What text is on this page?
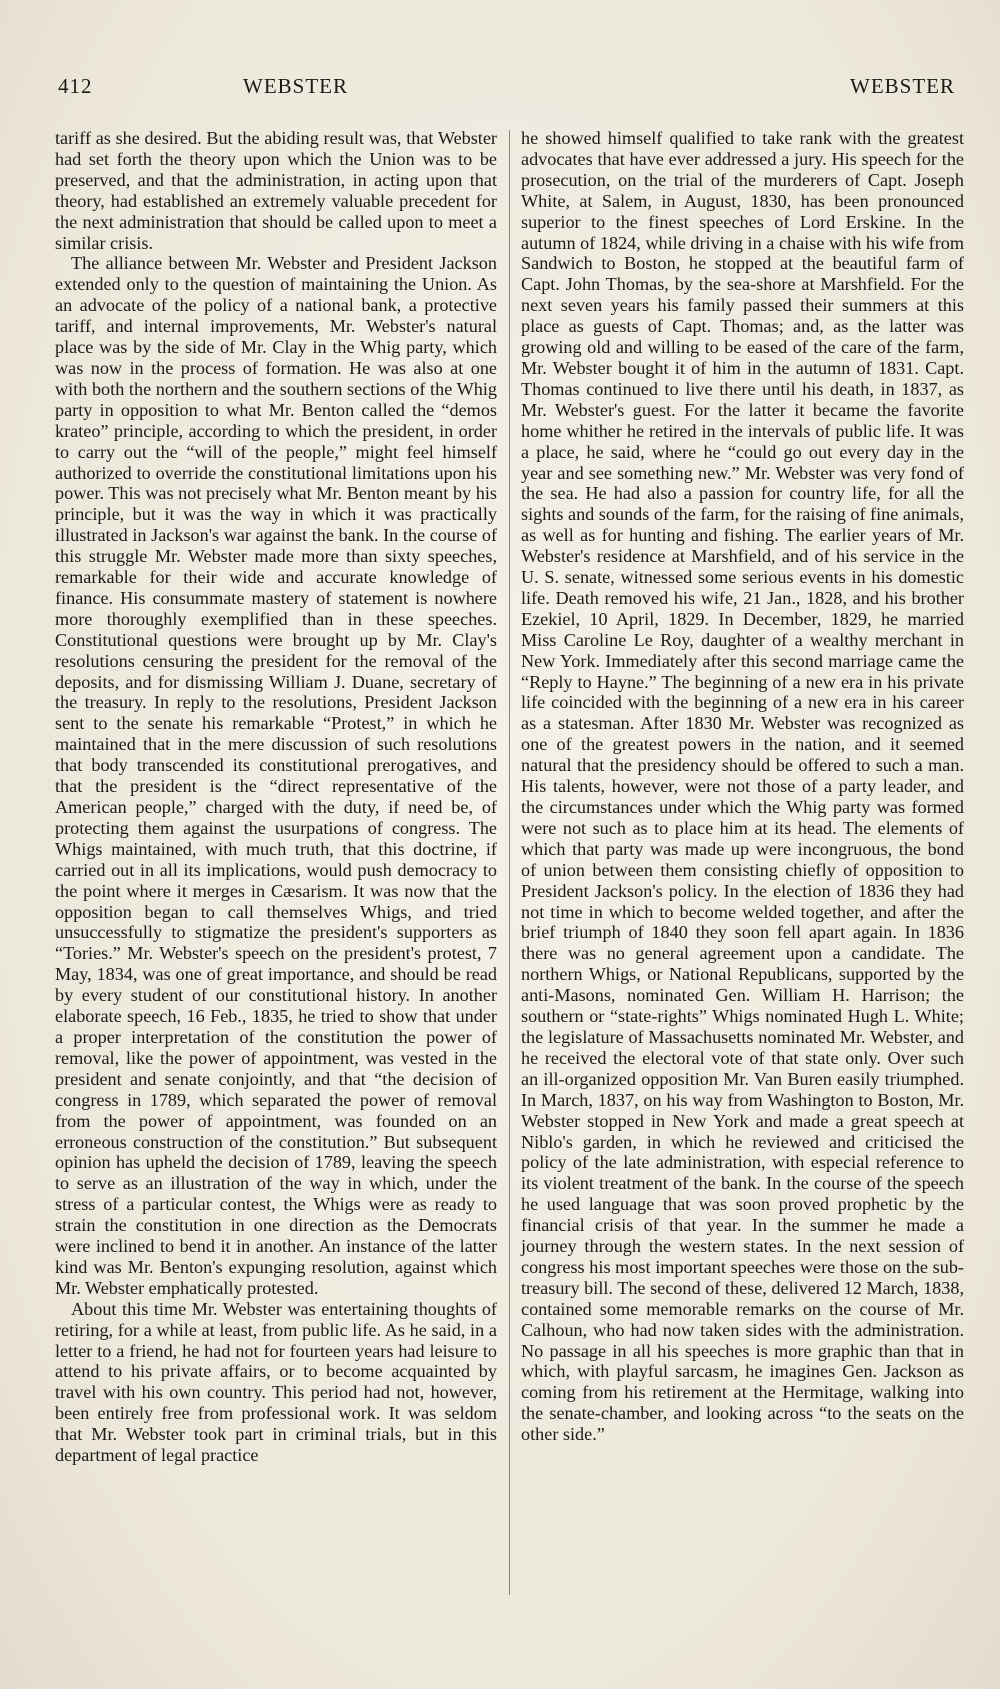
412	WEBSTER	WEBSTER

tariff as she desired. But the abiding result was, that Webster had set forth the theory upon which the Union was to be preserved, and that the administration, in acting upon that theory, had established an extremely valuable precedent for the next administration that should be called upon to meet a similar crisis.

The alliance between Mr. Webster and President Jackson extended only to the question of maintaining the Union. As an advocate of the policy of a national bank, a protective tariff, and internal improvements, Mr. Webster's natural place was by the side of Mr. Clay in the Whig party, which was now in the process of formation. He was also at one with both the northern and the southern sections of the Whig party in opposition to what Mr. Benton called the “demos krateo” principle, according to which the president, in order to carry out the “will of the people,” might feel himself authorized to override the constitutional limitations upon his power. This was not precisely what Mr. Benton meant by his principle, but it was the way in which it was practically illustrated in Jackson's war against the bank. In the course of this struggle Mr. Webster made more than sixty speeches, remarkable for their wide and accurate knowledge of finance. His consummate mastery of statement is nowhere more thoroughly exemplified than in these speeches. Constitutional questions were brought up by Mr. Clay's resolutions censuring the president for the removal of the deposits, and for dismissing William J. Duane, secretary of the treasury. In reply to the resolutions, President Jackson sent to the senate his remarkable “Protest,” in which he maintained that in the mere discussion of such resolutions that body transcended its constitutional prerogatives, and that the president is the “direct representative of the American people,” charged with the duty, if need be, of protecting them against the usurpations of congress. The Whigs maintained, with much truth, that this doctrine, if carried out in all its implications, would push democracy to the point where it merges in Cæsarism. It was now that the opposition began to call themselves Whigs, and tried unsuccessfully to stigmatize the president's supporters as “Tories.” Mr. Webster's speech on the president's protest, 7 May, 1834, was one of great importance, and should be read by every student of our constitutional history. In another elaborate speech, 16 Feb., 1835, he tried to show that under a proper interpretation of the constitution the power of removal, like the power of appointment, was vested in the president and senate conjointly, and that “the decision of congress in 1789, which separated the power of removal from the power of appointment, was founded on an erroneous construction of the constitution.” But subsequent opinion has upheld the decision of 1789, leaving the speech to serve as an illustration of the way in which, under the stress of a particular contest, the Whigs were as ready to strain the constitution in one direction as the Democrats were inclined to bend it in another. An instance of the latter kind was Mr. Benton's expunging resolution, against which Mr. Webster emphatically protested.

About this time Mr. Webster was entertaining thoughts of retiring, for a while at least, from public life. As he said, in a letter to a friend, he had not for fourteen years had leisure to attend to his private affairs, or to become acquainted by travel with his own country. This period had not, however, been entirely free from professional work. It was seldom that Mr. Webster took part in criminal trials, but in this department of legal practice

he showed himself qualified to take rank with the greatest advocates that have ever addressed a jury. His speech for the prosecution, on the trial of the murderers of Capt. Joseph White, at Salem, in August, 1830, has been pronounced superior to the finest speeches of Lord Erskine. In the autumn of 1824, while driving in a chaise with his wife from Sandwich to Boston, he stopped at the beautiful farm of Capt. John Thomas, by the sea-shore at Marshfield. For the next seven years his family passed their summers at this place as guests of Capt. Thomas; and, as the latter was growing old and willing to be eased of the care of the farm, Mr. Webster bought it of him in the autumn of 1831. Capt. Thomas continued to live there until his death, in 1837, as Mr. Webster's guest. For the latter it became the favorite home whither he retired in the intervals of public life. It was a place, he said, where he “could go out every day in the year and see something new.” Mr. Webster was very fond of the sea. He had also a passion for country life, for all the sights and sounds of the farm, for the raising of fine animals, as well as for hunting and fishing. The earlier years of Mr. Webster's residence at Marshfield, and of his service in the U. S. senate, witnessed some serious events in his domestic life. Death removed his wife, 21 Jan., 1828, and his brother Ezekiel, 10 April, 1829. In December, 1829, he married Miss Caroline Le Roy, daughter of a wealthy merchant in New York. Immediately after this second marriage came the “Reply to Hayne.” The beginning of a new era in his private life coincided with the beginning of a new era in his career as a statesman. After 1830 Mr. Webster was recognized as one of the greatest powers in the nation, and it seemed natural that the presidency should be offered to such a man. His talents, however, were not those of a party leader, and the circumstances under which the Whig party was formed were not such as to place him at its head. The elements of which that party was made up were incongruous, the bond of union between them consisting chiefly of opposition to President Jackson's policy. In the election of 1836 they had not time in which to become welded together, and after the brief triumph of 1840 they soon fell apart again. In 1836 there was no general agreement upon a candidate. The northern Whigs, or National Republicans, supported by the anti-Masons, nominated Gen. William H. Harrison; the southern or “state-rights” Whigs nominated Hugh L. White; the legislature of Massachusetts nominated Mr. Webster, and he received the electoral vote of that state only. Over such an ill-organized opposition Mr. Van Buren easily triumphed. In March, 1837, on his way from Washington to Boston, Mr. Webster stopped in New York and made a great speech at Niblo's garden, in which he reviewed and criticised the policy of the late administration, with especial reference to its violent treatment of the bank. In the course of the speech he used language that was soon proved prophetic by the financial crisis of that year. In the summer he made a journey through the western states. In the next session of congress his most important speeches were those on the sub-treasury bill. The second of these, delivered 12 March, 1838, contained some memorable remarks on the course of Mr. Calhoun, who had now taken sides with the administration. No passage in all his speeches is more graphic than that in which, with playful sarcasm, he imagines Gen. Jackson as coming from his retirement at the Hermitage, walking into the senate-chamber, and looking across “to the seats on the other side.”
